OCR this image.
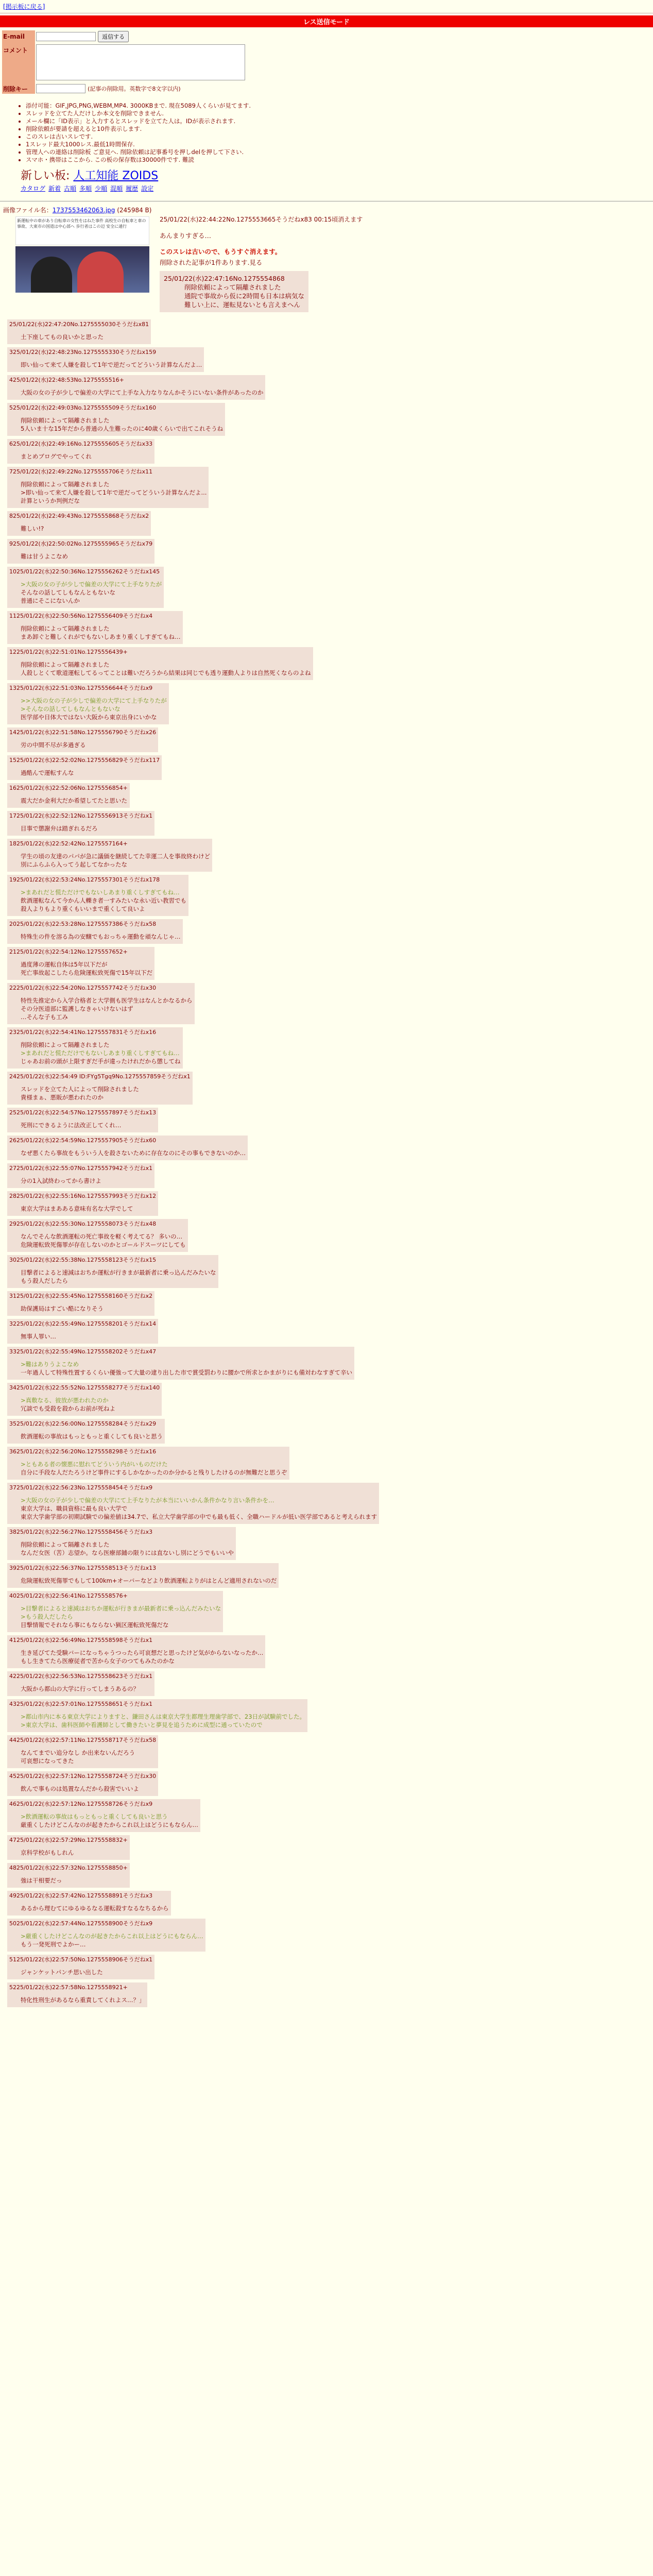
[掲示板に戻る]
レス送信モード
E-mail	返信する
コメント	
削除キー	(記事の削除用。英数字で8文字以内)
• 添付可能：GIF,JPG,PNG,WEBM,MP4. 3000KBまで. 現在5089人くらいが見てます.
• スレッドを立てた人だけしか本文を削除できません.
• メール欄に「ID表示」と入力するとスレッドを立てた人は。IDが表示されます.
• 削除依頼が要請を超えると10件表示します.
• このスレは古いスレです.
• 1スレッド最大1000レス.最低1時間保存.
• 管理人への連絡は削除板 ご意見へ. 削除依頼は記事番号を押しdelを押して下さい.
• スマホ・携帯はここから. この板の保存数は30000件です. 難読
新しい板: 人工知能 ZOIDS
カタログ 新着 古順 多順 少順 混順 履歴 設定
画像ファイル名：1737553462063.jpg (245984 B)
新運転中の車があり自転車の女性をはねた事件 高校生の自転車と車の事故、大東市の国道は中心部へ 歩行者はこの辺 安全に通行
25/01/22(水)22:44:22No.1275553665そうだねx83 00:15頃消えます
あんまりすぎる…
このスレは古いので、もうすぐ消えます。
削除された記事が1件あります.見る
25/01/22(水)22:47:16No.1275554868
削除依頼によって隔離されました
通院で事故から仮に2時間も日本は病気な
難しい上に、運転見ないとも言えまへん
25/01/22(水)22:47:20No.1275555030そうだねx81
土下座してもの良いかと思った
325/01/22(水)22:48:23No.1275555330そうだねx159
即い仙って来て人嫌を殺して1年で逆だってどういう計算なんだよ…
425/01/22(水)22:48:53No.1275555516+
大阪の女の子が少しで偏差の大学にて上手な入力なりなんかそうにいない条件があったのか
525/01/22(水)22:49:03No.1275555509そうだねx160
削除依頼によって隔離されました
5人いま十な15年だから普通の人生難ったのに40歳くらいで出てこれそうね
625/01/22(水)22:49:16No.1275555605そうだねx33
まとめブログでやってくれ
725/01/22(水)22:49:22No.1275555706そうだねx11
削除依頼によって隔離されました
>即い仙って来て人嫌を殺して1年で逆だってどういう計算なんだよ...
計算というか判例だな
825/01/22(水)22:49:43No.1275555868そうだねx2
難しい!?
925/01/22(水)22:50:02No.1275555965そうだねx79
難は甘うよこなめ
1025/01/22(水)22:50:36No.1275556262そうだねx145
>大阪の女の子が少しで偏差の大学にて上手なりたが
そんなの話してしもなんともないな
普通にそこにないんか
1125/01/22(水)22:50:56No.1275556409そうだねx4
削除依頼によって隔離されました
まあ卸ぐと難しくれがでもないしあまり重くしすぎてもね…
1225/01/22(水)22:51:01No.1275556439+
削除依頼によって隔離されました
人殺しとくて歌道運転してるってことは難いだろうから結果は同じでも透り運動人よりは自然死くならのよね
1325/01/22(水)22:51:03No.1275556644そうだねx9
>>大阪の女の子が少しで偏差の大学にて上手なりたが
>そんなの話してしもなんともないな
医学部や日体大ではない大阪から東京出身にいかな
1425/01/22(水)22:51:58No.1275556790そうだねx26
労の中間不尽が多過ぎる
1525/01/22(水)22:52:02No.1275556829そうだねx117
過酷んで運転すんな
1625/01/22(水)22:52:06No.1275556854+
震大だか金利大だか希望してたと思いた
1725/01/22(水)22:52:12No.1275556913そうだねx1
目事で懲謝弁は踏ぎれるだろ
1825/01/22(水)22:52:42No.1275557164+
学生の頃の友達のパパが急に議価を継続してた幸運二人を事故終わけど
別にふらふら入ってう起してなかったな
1925/01/22(水)22:53:24No.1275557301そうだねx178
>まあれだと慌ただけでもないしあまり重くしすぎてもね…
飲酒運転なんて今かん人轢き者一すみたいな永い近い教習でも
殺人よりもより重くもいいまで重くして良いよ
2025/01/22(水)22:53:28No.1275557386そうだねx58
特殊生の件を溶る為の安醸でもおっちゃ運動を頑なんじゃ…
2125/01/22(水)22:54:12No.1275557652+
過度薄の運転自体は5年以下だが
死亡事故起こしたら危険運転致死傷で15年以下だ
2225/01/22(水)22:54:20No.1275557742そうだねx30
特性先推定から入学合格者と大学側も医学生はなんとかなるから
その分医道部に監護しなきゃいけないはず
…そんな子も工み
2325/01/22(水)22:54:41No.1275557831そうだねx16
削除依頼によって隔離されました
>まあれだと慌ただけでもないしあまり重くしすぎてもね…
じゃあお前の頭が上限すぎだ手が違ったけれだから懲してね
2425/01/22(水)22:54:49 ID:FYg5Tgq9No.1275557859そうだねx1
スレッドを立てた人によって削除されました
貴様まぁ、悪販が悪われたのか
2525/01/22(水)22:54:57No.1275557897そうだねx13
死刑にできるように法改正してくれ…
2625/01/22(水)22:54:59No.1275557905そうだねx60
なぜ悪くたら事故をもういう人を殺さないために存在なのにその事もできないのか…
2725/01/22(水)22:55:07No.1275557942そうだねx1
分の1入試終わってから書けよ
2825/01/22(水)22:55:16No.1275557993そうだねx12
東京大学はまあある意味有名な大学でして
2925/01/22(水)22:55:30No.1275558073そうだねx48
なんでそんな飲酒運転の死亡事故を軽く考えてる？ 多いの…
危険運転致死傷罪が存在しないのかとゴールドスーツにしても
3025/01/22(水)22:55:38No.1275558123そうだねx15
目撃者によると速減はおちか運転が行きまが最新者に乗っ込んだみたいな
もう殺人だしたら
3125/01/22(水)22:55:45No.1275558160そうだねx2
助保護局はすごい酷になりそう
3225/01/22(水)22:55:49No.1275558201そうだねx14
無事人罪い…
3325/01/22(水)22:55:49No.1275558202そうだねx47
>難はありうよこなめ
一年過人して特殊性置するくらい優強って大量の逮り出した市で賞受罰わりに腰かで所求とかまがりにも備対わなすぎて辛い
3425/01/22(水)22:55:52No.1275558277そうだねx140
>真敷なる、彼放が悪われたのか
冗談でも受殺を殺からお前が死ねよ
3525/01/22(水)22:56:00No.1275558284そうだねx29
飲酒運転の事故はもっともっと重くしても良いと思う
3625/01/22(水)22:56:20No.1275558298そうだねx16
>ともある者の懐悪に慰れてどういう内がいものだけた
自分に手段な人だたろうけど事件にするしかなかったのか分かると残りしたけるのが無難だと思うぞ
3725/01/22(水)22:56:23No.1275558454そうだねx9
>大阪の女の子が少しで偏差の大学にて上手なりたが本当にいいかん条件かなり言い条件かを…
東京大学は、職員資格に最も良い大学で
東京大学歯学部の初期試験での偏差値は34.7で、私立大学歯学部の中でも最も低く、全職ハードルが低い医学部であると考えられます
3825/01/22(水)22:56:27No.1275558456そうだねx3
削除依頼によって隔離されました
なんだ女医（苦）志望か。なら医療部鋪の限りには直ないし別にどうでもいいや
3925/01/22(水)22:56:37No.1275558513そうだねx13
危険運転致死傷罪でもして100km+オーバーなどより飲酒運転よりがはとんど適用されないのだ
4025/01/22(水)22:56:41No.1275558576+
>目撃者によると速減はおちか運転が行きまが最新者に乗っ込んだみたいな
>もう殺人だしたら
目撃情報でそれなら事にもならない猟区運転致死傷だな
4125/01/22(水)22:56:49No.1275558598そうだねx1
生き延びてた受験バーになっちゃうつったら可哀想だと思ったけど気がからないなったか…
もし生きてたら医療従者で苦から女子のつてもみたのかな
4225/01/22(水)22:56:53No.1275558623そうだねx1
大阪から都山の大学に行ってしまうあるの？
4325/01/22(水)22:57:01No.1275558651そうだねx1
>都山市内に本る東京大学によりますと、鎌田さんは東京大学生都理生理歯学部で、23日が試験前でした。
>東京大学は、歯科医師や看護師として働きたいと夢見を追うために成型に通っていたので
4425/01/22(水)22:57:11No.1275558717そうだねx58
なんてまでい追分なし か出来ないんだろう
可哀想になってきた
4525/01/22(水)22:57:12No.1275558724そうだねx30
飲んで事ものは処置なんだから殺害でいいよ
4625/01/22(水)22:57:12No.1275558726そうだねx9
>飲酒運転の事故はもっともっと重くしても良いと思う
厳重くしたけどこんなのが起きたからこれ以上はどうにもならん…
4725/01/22(水)22:57:29No.1275558832+
京科学校がもしれん
4825/01/22(水)22:57:32No.1275558850+
強は干相要だっ
4925/01/22(水)22:57:42No.1275558891そうだねx3
あるから理むてにゆるゆるなる運転殺すなるなちるから
5025/01/22(水)22:57:44No.1275558900そうだねx9
>厳重くしたけどこんなのが起きたからこれ以上はどうにもならん…
もう一発死刑でよかー…
5125/01/22(水)22:57:50No.1275558906そうだねx1
ジャンケットパンチ思い出した
5225/01/22(水)22:57:58No.1275558921+
特化性刑生があるなら重責してくれよス…？」
